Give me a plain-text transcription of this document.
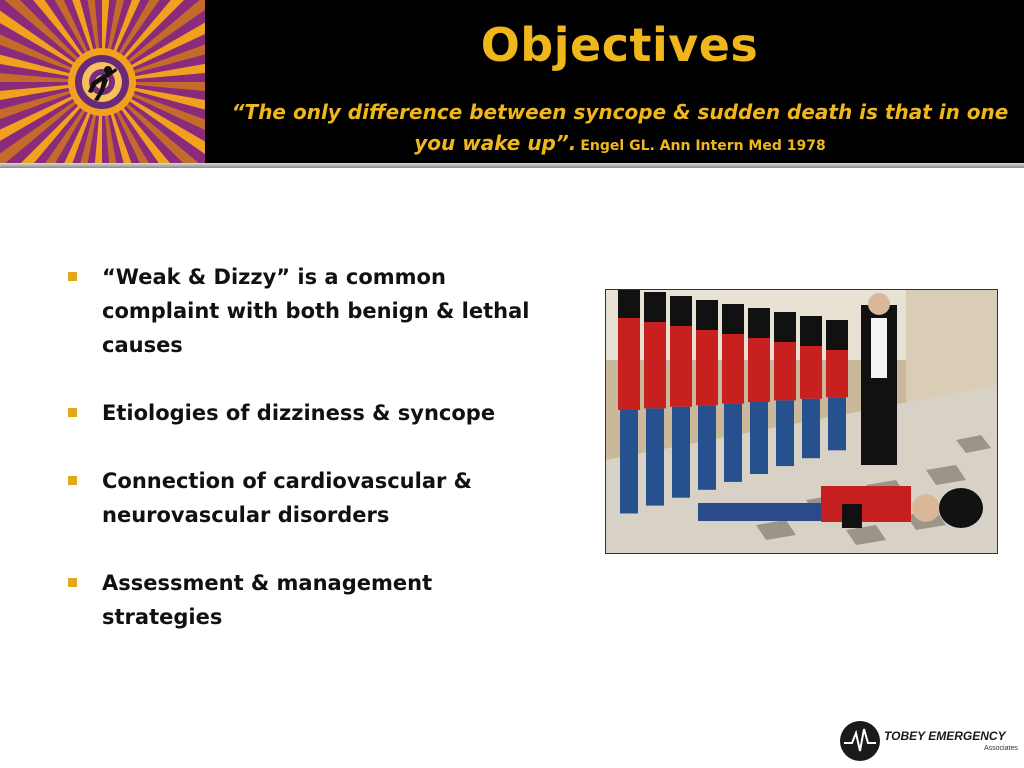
Objectives
“The only difference between syncope & sudden death is that in one you wake up”. Engel GL. Ann Intern Med 1978
“Weak & Dizzy” is a common complaint with both benign & lethal causes
Etiologies of dizziness & syncope
Connection of cardiovascular & neurovascular disorders
Assessment & management strategies
TOBEY EMERGENCY
Associates
